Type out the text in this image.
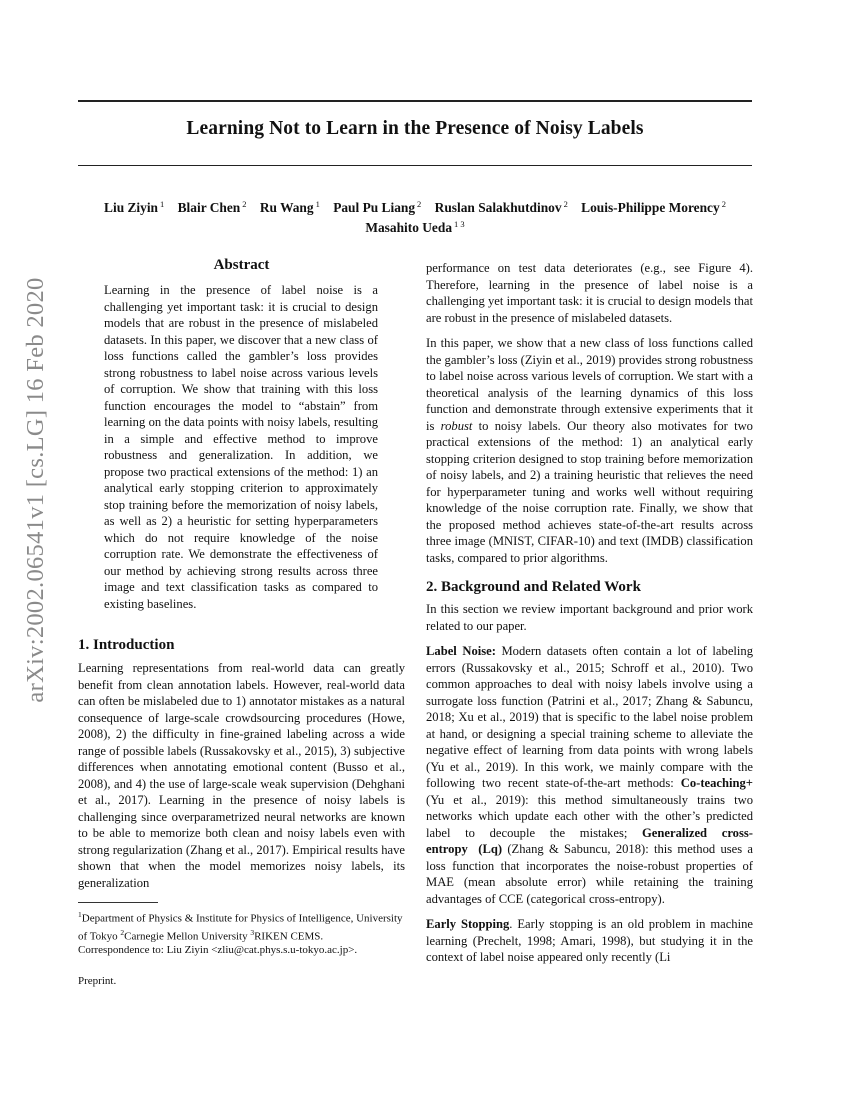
Learning Not to Learn in the Presence of Noisy Labels
Liu Ziyin $^1$ Blair Chen $^2$ Ru Wang $^1$ Paul Pu Liang $^2$ Ruslan Salakhutdinov $^2$ Louis-Philippe Morency $^2$
Masahito Ueda $^{1 3}$
arXiv:2002.06541v1 [cs.LG] 16 Feb 2020
Abstract

Learning in the presence of label noise is a challenging yet important task: it is crucial to design models that are robust in the presence of mislabeled datasets. In this paper, we discover that a new class of loss functions called the gambler’s loss provides strong robustness to label noise across various levels of corruption. We show that training with this loss function encourages the model to “abstain” from learning on the data points with noisy labels, resulting in a simple and effective method to improve robustness and generalization. In addition, we propose two practical extensions of the method: 1) an analytical early stopping criterion to approximately stop training before the memorization of noisy labels, as well as 2) a heuristic for setting hyperparameters which do not require knowledge of the noise corruption rate. We demonstrate the effectiveness of our method by achieving strong results across three image and text classification tasks as compared to existing baselines.

1. Introduction

Learning representations from real-world data can greatly benefit from clean annotation labels. However, real-world data can often be mislabeled due to 1) annotator mistakes as a natural consequence of large-scale crowdsourcing procedures (Howe, 2008), 2) the difficulty in fine-grained labeling across a wide range of possible labels (Russakovsky et al., 2015), 3) subjective differences when annotating emotional content (Busso et al., 2008), and 4) the use of large-scale weak supervision (Dehghani et al., 2017). Learning in the presence of noisy labels is challenging since overparametrized neural networks are known to be able to memorize both clean and noisy labels even with strong regularization (Zhang et al., 2017). Empirical results have shown that when the model memorizes noisy labels, its generalization

$^1$Department of Physics & Institute for Physics of Intelligence, University of Tokyo $^2$Carnegie Mellon University $^3$RIKEN CEMS.
Correspondence to: Liu Ziyin <zliu@cat.phys.s.u-tokyo.ac.jp>.
Preprint.

performance on test data deteriorates (e.g., see Figure 4). Therefore, learning in the presence of label noise is a challenging yet important task: it is crucial to design models that are robust in the presence of mislabeled datasets.

In this paper, we show that a new class of loss functions called the gambler’s loss (Ziyin et al., 2019) provides strong robustness to label noise across various levels of corruption. We start with a theoretical analysis of the learning dynamics of this loss function and demonstrate through extensive experiments that it is robust to noisy labels. Our theory also motivates for two practical extensions of the method: 1) an analytical early stopping criterion designed to stop training before memorization of noisy labels, and 2) a training heuristic that relieves the need for hyperparameter tuning and works well without requiring knowledge of the noise corruption rate. Finally, we show that the proposed method achieves state-of-the-art results across three image (MNIST, CIFAR-10) and text (IMDB) classification tasks, compared to prior algorithms.

2. Background and Related Work

In this section we review important background and prior work related to our paper.

Label Noise: Modern datasets often contain a lot of labeling errors (Russakovsky et al., 2015; Schroff et al., 2010). Two common approaches to deal with noisy labels involve using a surrogate loss function (Patrini et al., 2017; Zhang & Sabuncu, 2018; Xu et al., 2019) that is specific to the label noise problem at hand, or designing a special training scheme to alleviate the negative effect of learning from data points with wrong labels (Yu et al., 2019). In this work, we mainly compare with the following two recent state-of-the-art methods: Co-teaching+ (Yu et al., 2019): this method simultaneously trains two networks which update each other with the other’s predicted label to decouple the mistakes; Generalized cross-entropy (Lq) (Zhang & Sabuncu, 2018): this method uses a loss function that incorporates the noise-robust properties of MAE (mean absolute error) while retaining the training advantages of CCE (categorical cross-entropy).

Early Stopping. Early stopping is an old problem in machine learning (Prechelt, 1998; Amari, 1998), but studying it in the context of label noise appeared only recently (Li
